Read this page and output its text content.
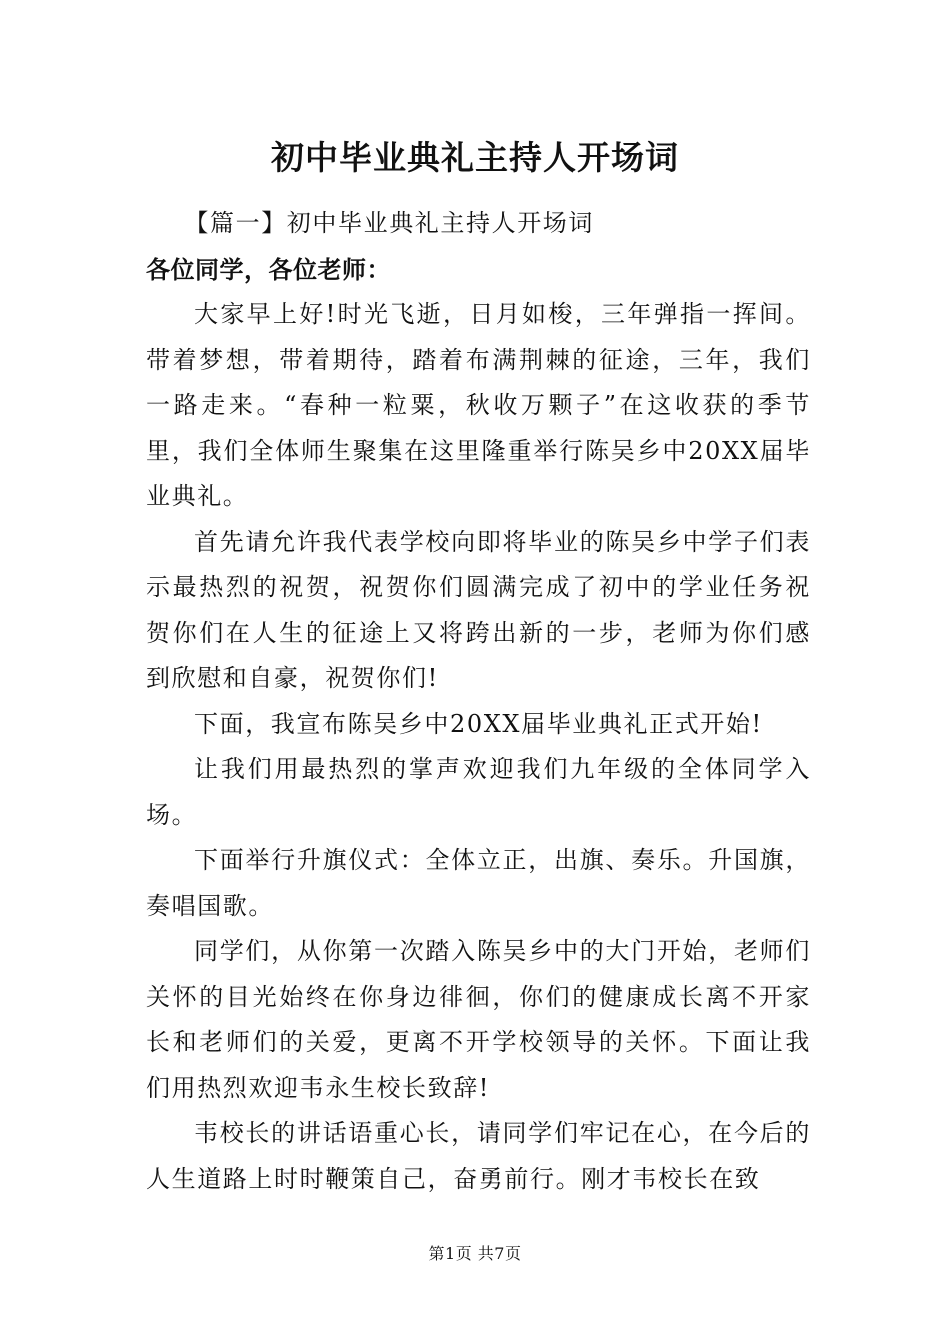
初中毕业典礼主持人开场词

【篇一】初中毕业典礼主持人开场词

各位同学，各位老师：

大家早上好!时光飞逝，日月如梭，三年弹指一挥间。带着梦想，带着期待，踏着布满荆棘的征途，三年，我们一路走来。“春种一粒粟，秋收万颗子”在这收获的季节里，我们全体师生聚集在这里隆重举行陈吴乡中20XX届毕业典礼。

首先请允许我代表学校向即将毕业的陈吴乡中学子们表示最热烈的祝贺，祝贺你们圆满完成了初中的学业任务祝贺你们在人生的征途上又将跨出新的一步，老师为你们感到欣慰和自豪，祝贺你们!

下面，我宣布陈吴乡中20XX届毕业典礼正式开始!

让我们用最热烈的掌声欢迎我们九年级的全体同学入场。

下面举行升旗仪式：全体立正，出旗、奏乐。升国旗，奏唱国歌。

同学们，从你第一次踏入陈吴乡中的大门开始，老师们关怀的目光始终在你身边徘徊，你们的健康成长离不开家长和老师们的关爱，更离不开学校领导的关怀。下面让我们用热烈欢迎韦永生校长致辞!

韦校长的讲话语重心长，请同学们牢记在心，在今后的人生道路上时时鞭策自己，奋勇前行。刚才韦校长在致

第1页 共7页
